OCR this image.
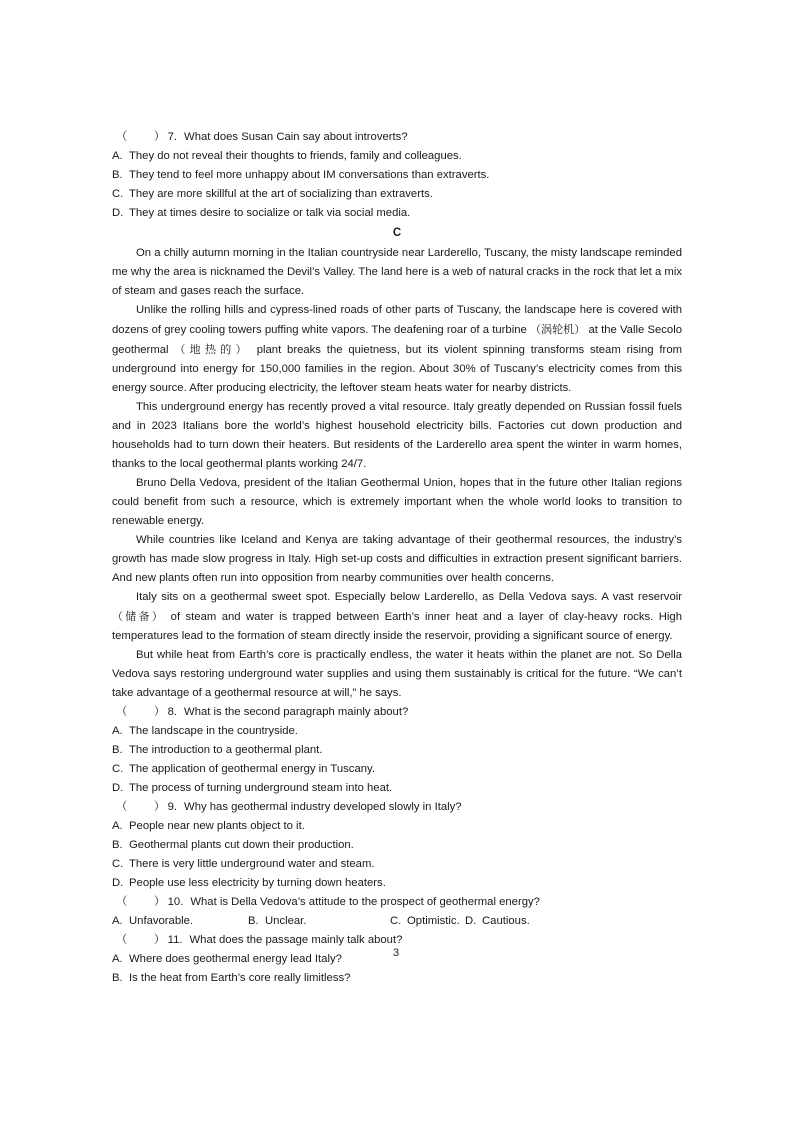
（ ） 7. What does Susan Cain say about introverts?

A. They do not reveal their thoughts to friends, family and colleagues.

B. They tend to feel more unhappy about IM conversations than extraverts.

C. They are more skillful at the art of socializing than extraverts.

D. They at times desire to socialize or talk via social media.

C

On a chilly autumn morning in the Italian countryside near Larderello, Tuscany, the misty landscape reminded me why the area is nicknamed the Devil’s Valley. The land here is a web of natural cracks in the rock that let a mix of steam and gases reach the surface.

Unlike the rolling hills and cypress-lined roads of other parts of Tuscany, the landscape here is covered with dozens of grey cooling towers puffing white vapors. The deafening roar of a turbine （涡轮机） at the Valle Secolo geothermal （地热的） plant breaks the quietness, but its violent spinning transforms steam rising from underground into energy for 150,000 families in the region. About 30% of Tuscany’s electricity comes from this energy source. After producing electricity, the leftover steam heats water for nearby districts.

This underground energy has recently proved a vital resource. Italy greatly depended on Russian fossil fuels and in 2023 Italians bore the world’s highest household electricity bills. Factories cut down production and households had to turn down their heaters. But residents of the Larderello area spent the winter in warm homes, thanks to the local geothermal plants working 24/7.

Bruno Della Vedova, president of the Italian Geothermal Union, hopes that in the future other Italian regions could benefit from such a resource, which is extremely important when the whole world looks to transition to renewable energy.

While countries like Iceland and Kenya are taking advantage of their geothermal resources, the industry’s growth has made slow progress in Italy. High set-up costs and difficulties in extraction present significant barriers. And new plants often run into opposition from nearby communities over health concerns.

Italy sits on a geothermal sweet spot. Especially below Larderello, as Della Vedova says. A vast reservoir （储备） of steam and water is trapped between Earth’s inner heat and a layer of clay-heavy rocks. High temperatures lead to the formation of steam directly inside the reservoir, providing a significant source of energy.

But while heat from Earth’s core is practically endless, the water it heats within the planet are not. So Della Vedova says restoring underground water supplies and using them sustainably is critical for the future. “We can’t take advantage of a geothermal resource at will,” he says.

（ ） 8. What is the second paragraph mainly about?

A. The landscape in the countryside.

B. The introduction to a geothermal plant.

C. The application of geothermal energy in Tuscany.

D. The process of turning underground steam into heat.

（ ） 9. Why has geothermal industry developed slowly in Italy?

A. People near new plants object to it.

B. Geothermal plants cut down their production.

C. There is very little underground water and steam.

D. People use less electricity by turning down heaters.

（ ） 10. What is Della Vedova’s attitude to the prospect of geothermal energy?

A. Unfavorable.	B. Unclear.	C. Optimistic. D. Cautious.

（ ） 11. What does the passage mainly talk about?

A. Where does geothermal energy lead Italy?

B. Is the heat from Earth’s core really limitless?

3
